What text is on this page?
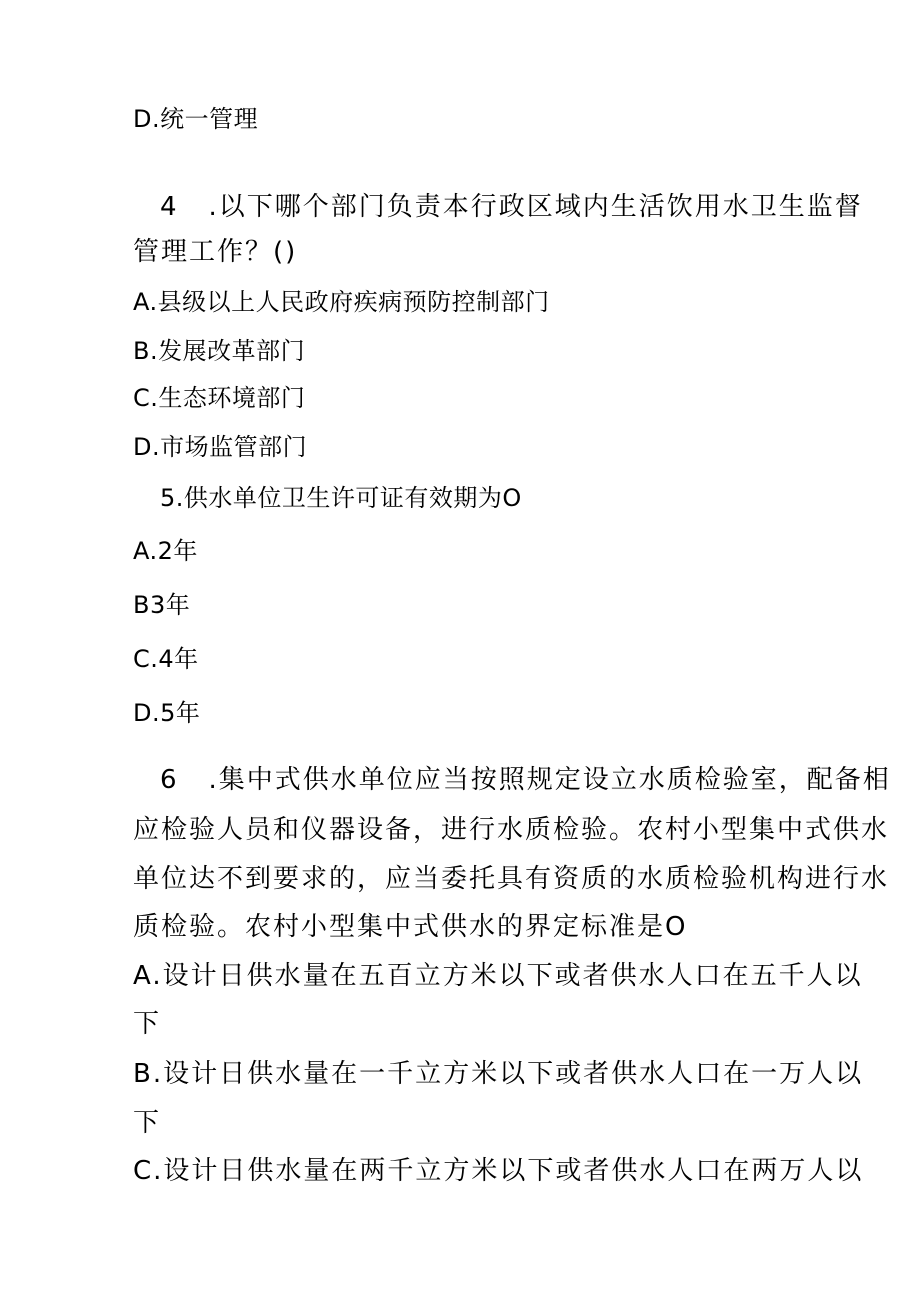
D.统一管理
4 .以下哪个部门负责本行政区域内生活饮用水卫生监督
管理工作？()
A.县级以上人民政府疾病预防控制部门
B.发展改革部门
C.生态环境部门
D.市场监管部门
5.供水单位卫生许可证有效期为O
A.2年
B3年
C.4年
D.5年
6 .集中式供水单位应当按照规定设立水质检验室，配备相
应检验人员和仪器设备，进行水质检验。农村小型集中式供水
单位达不到要求的，应当委托具有资质的水质检验机构进行水
质检验。农村小型集中式供水的界定标准是O
A.设计日供水量在五百立方米以下或者供水人口在五千人以
下
B.设计日供水量在一千立方米以下或者供水人口在一万人以
下
C.设计日供水量在两千立方米以下或者供水人口在两万人以
